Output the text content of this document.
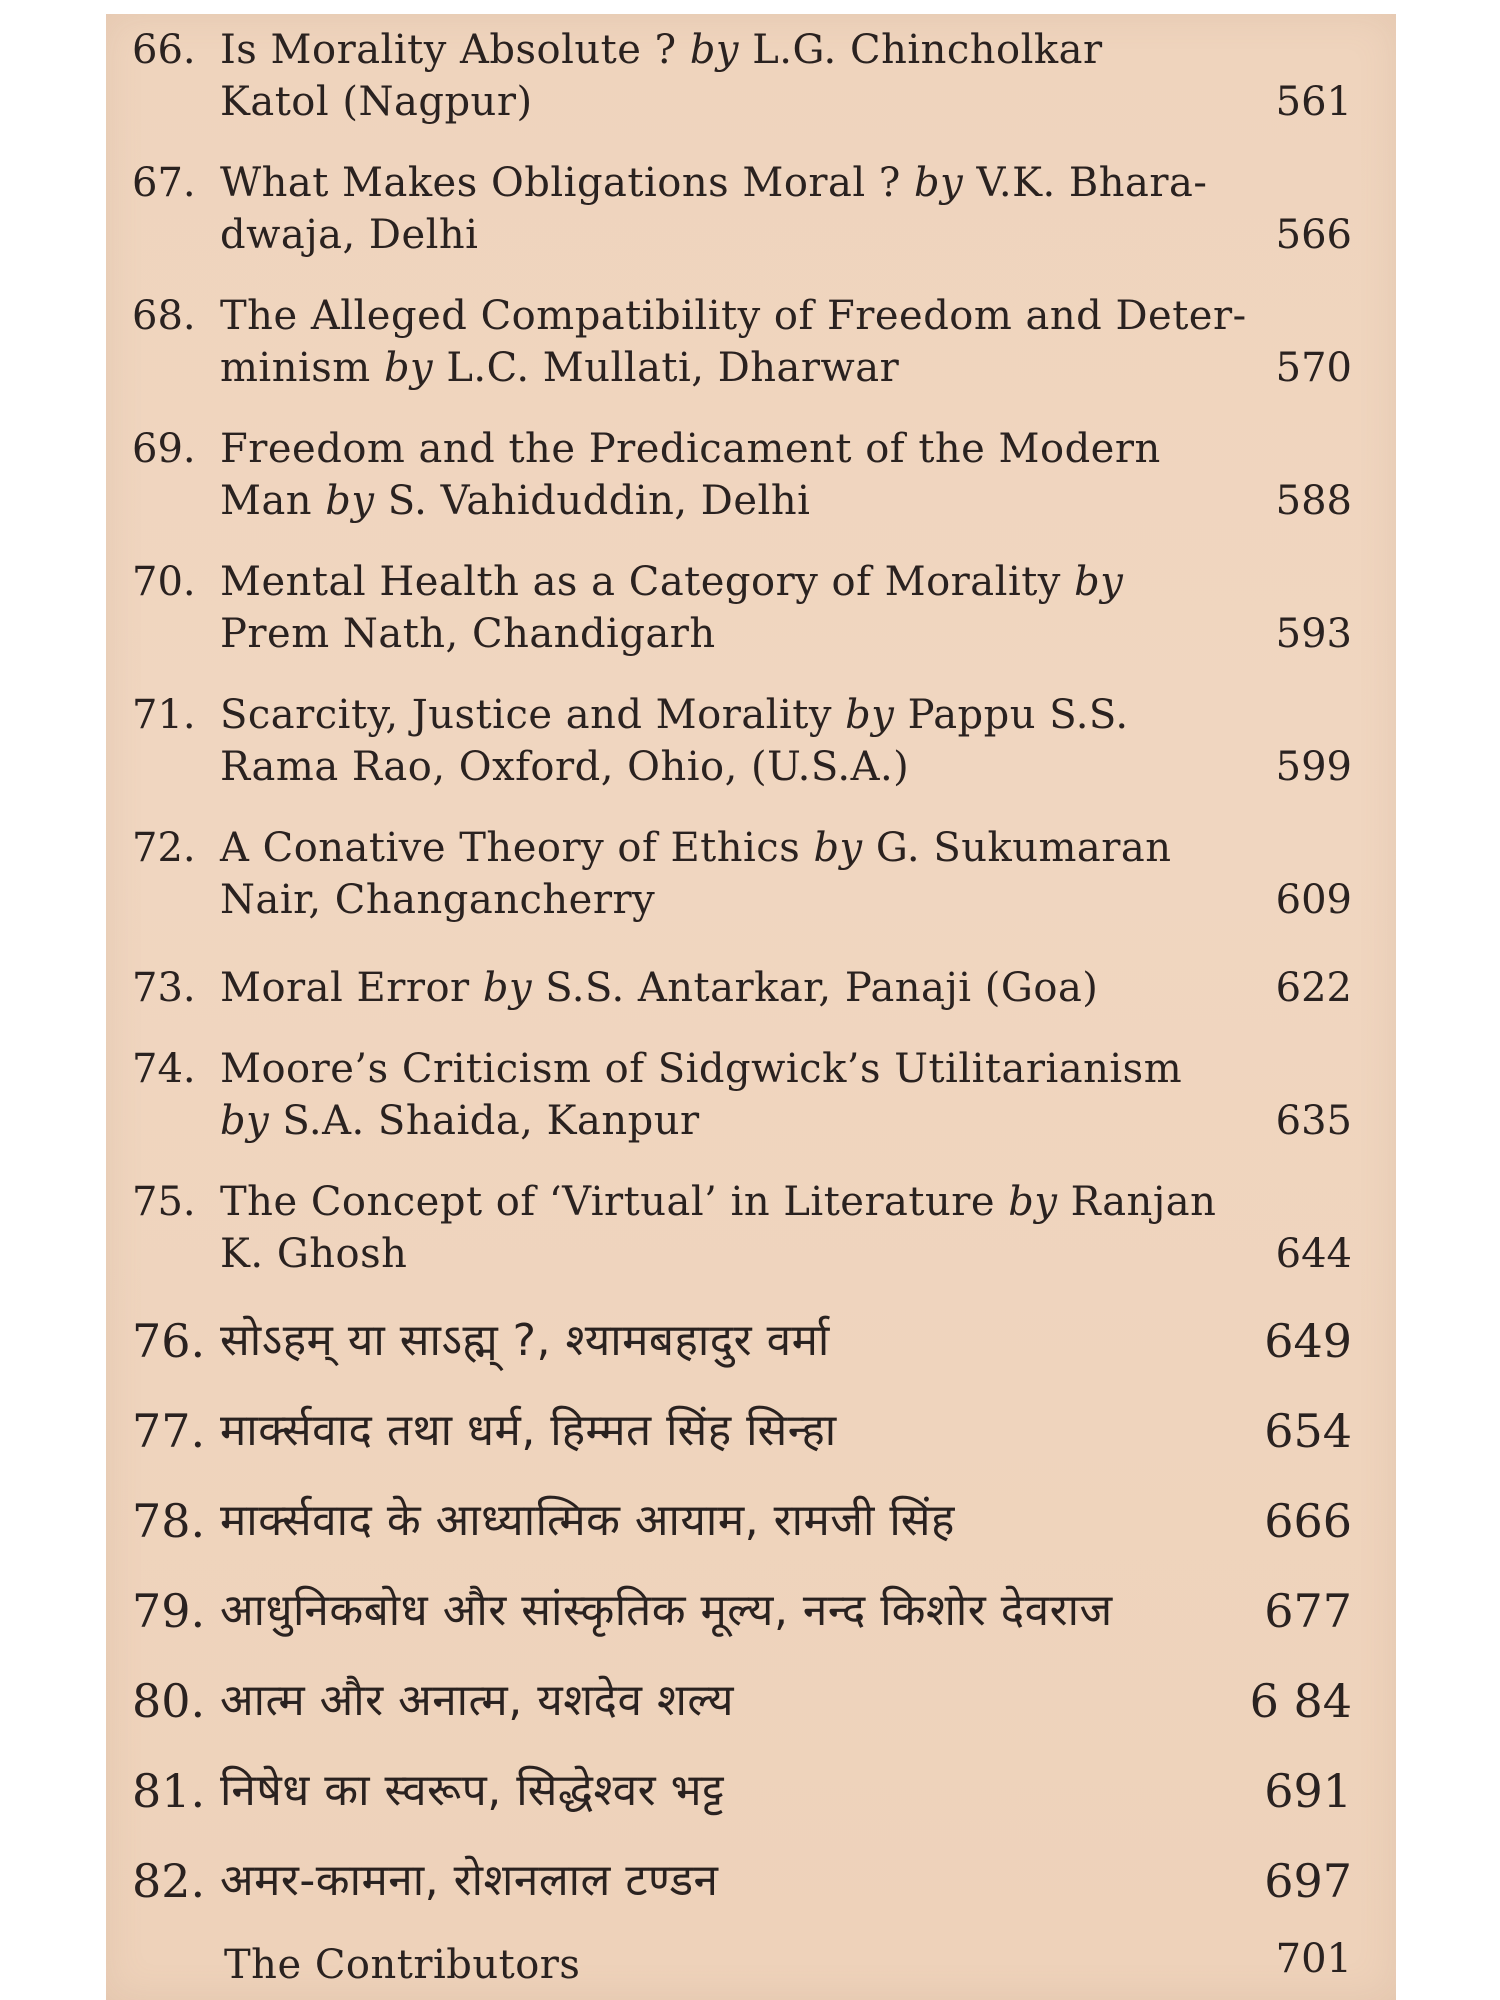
66. Is Morality Absolute ? by L.G. Chincholkar
Katol (Nagpur)	561
67. What Makes Obligations Moral ? by V.K. Bhara-
dwaja, Delhi	566
68. The Alleged Compatibility of Freedom and Deter-
minism by L.C. Mullati, Dharwar	570
69. Freedom and the Predicament of the Modern
Man by S. Vahiduddin, Delhi	588
70. Mental Health as a Category of Morality by
Prem Nath, Chandigarh	593
71. Scarcity, Justice and Morality by Pappu S.S.
Rama Rao, Oxford, Ohio, (U.S.A.)	599
72. A Conative Theory of Ethics by G. Sukumaran
Nair, Changancherry	609
73. Moral Error by S.S. Antarkar, Panaji (Goa)	622
74. Moore’s Criticism of Sidgwick’s Utilitarianism
by S.A. Shaida, Kanpur	635
75. The Concept of ‘Virtual’ in Literature by Ranjan
K. Ghosh	644
76. सोऽहम् या साऽह्म् ?, श्यामबहादुर वर्मा	649
77. मार्क्सवाद तथा धर्म, हिम्मत सिंह सिन्हा	654
78. मार्क्सवाद के आध्यात्मिक आयाम, रामजी सिंह	666
79. आधुनिकबोध और सांस्कृतिक मूल्य, नन्द किशोर देवराज	677
80. आत्म और अनात्म, यशदेव शल्य	6 84
81. निषेध का स्वरूप, सिद्धेश्वर भट्ट	691
82. अमर-कामना, रोशनलाल टण्डन	697
The Contributors	701
